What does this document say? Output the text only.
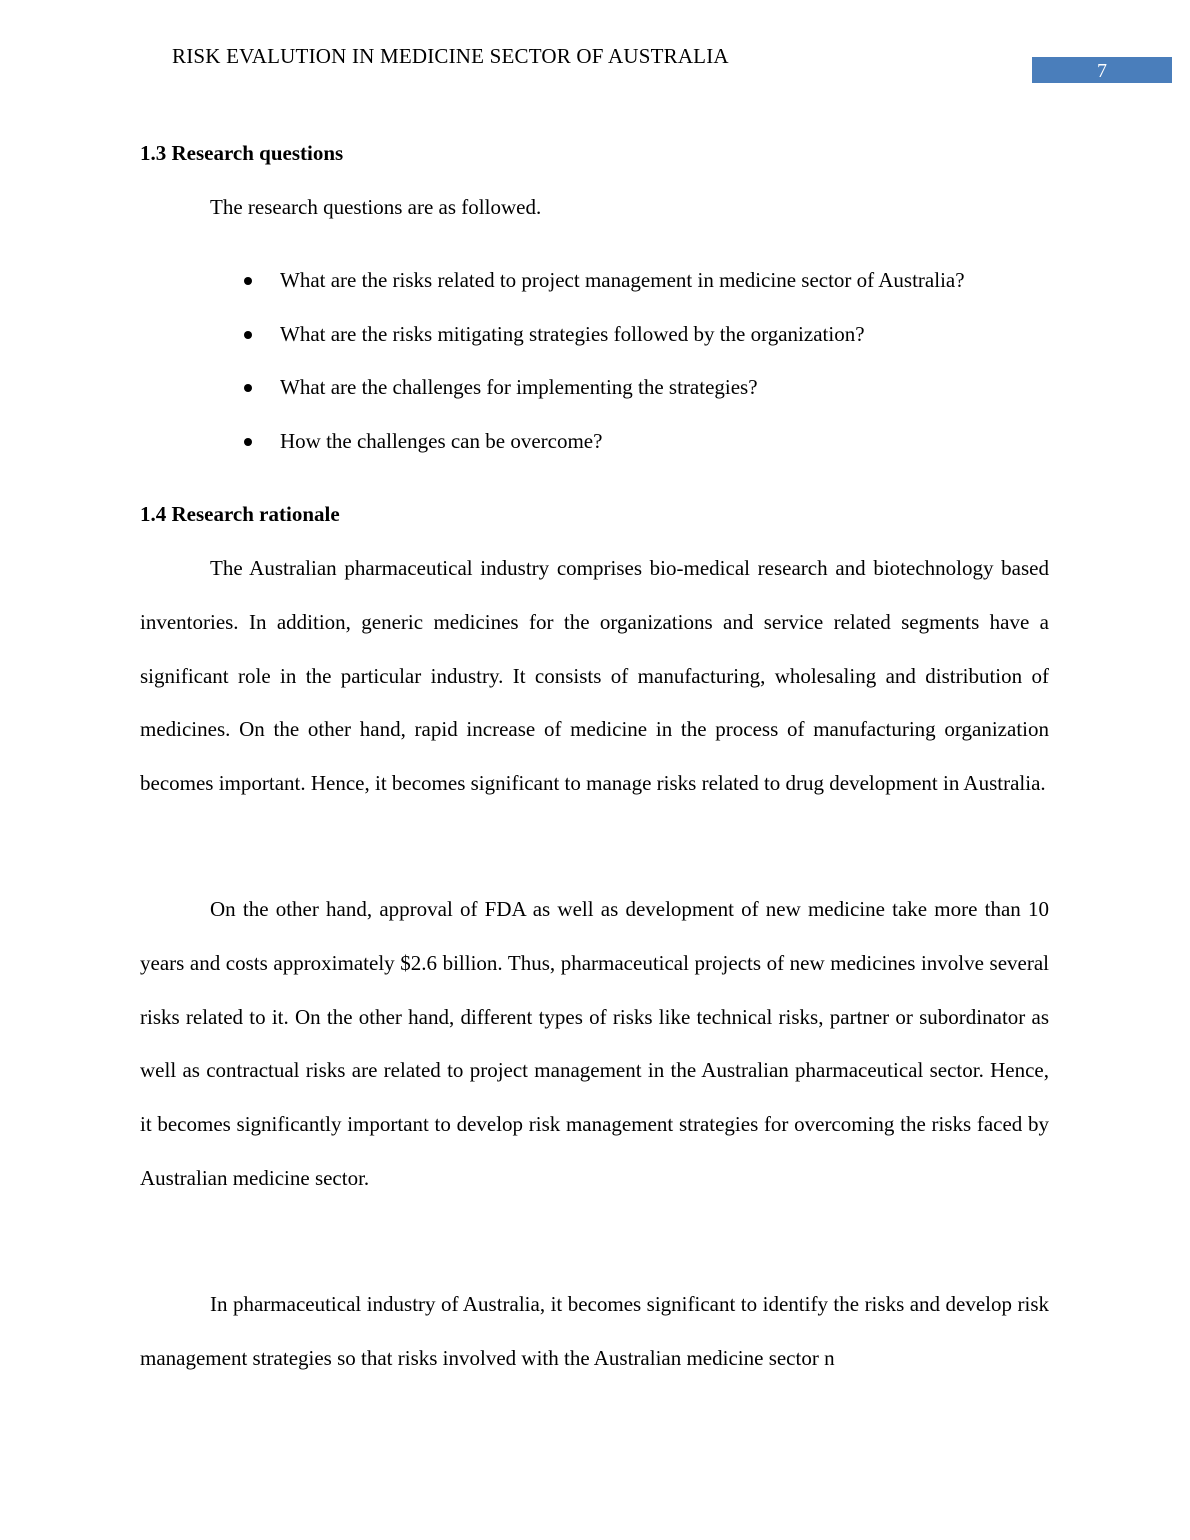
RISK EVALUTION IN MEDICINE SECTOR OF AUSTRALIA
7
1.3 Research questions
The research questions are as followed.
What are the risks related to project management in medicine sector of Australia?
What are the risks mitigating strategies followed by the organization?
What are the challenges for implementing the strategies?
How the challenges can be overcome?
1.4 Research rationale

The Australian pharmaceutical industry comprises bio-medical research and biotechnology based inventories. In addition, generic medicines for the organizations and service related segments have a significant role in the particular industry. It consists of manufacturing, wholesaling and distribution of medicines. On the other hand, rapid increase of medicine in the process of manufacturing organization becomes important. Hence, it becomes significant to manage risks related to drug development in Australia.

On the other hand, approval of FDA as well as development of new medicine take more than 10 years and costs approximately $2.6 billion. Thus, pharmaceutical projects of new medicines involve several risks related to it. On the other hand, different types of risks like technical risks, partner or subordinator as well as contractual risks are related to project management in the Australian pharmaceutical sector. Hence, it becomes significantly important to develop risk management strategies for overcoming the risks faced by Australian medicine sector.

In pharmaceutical industry of Australia, it becomes significant to identify the risks and develop risk management strategies so that risks involved with the Australian medicine sector n
